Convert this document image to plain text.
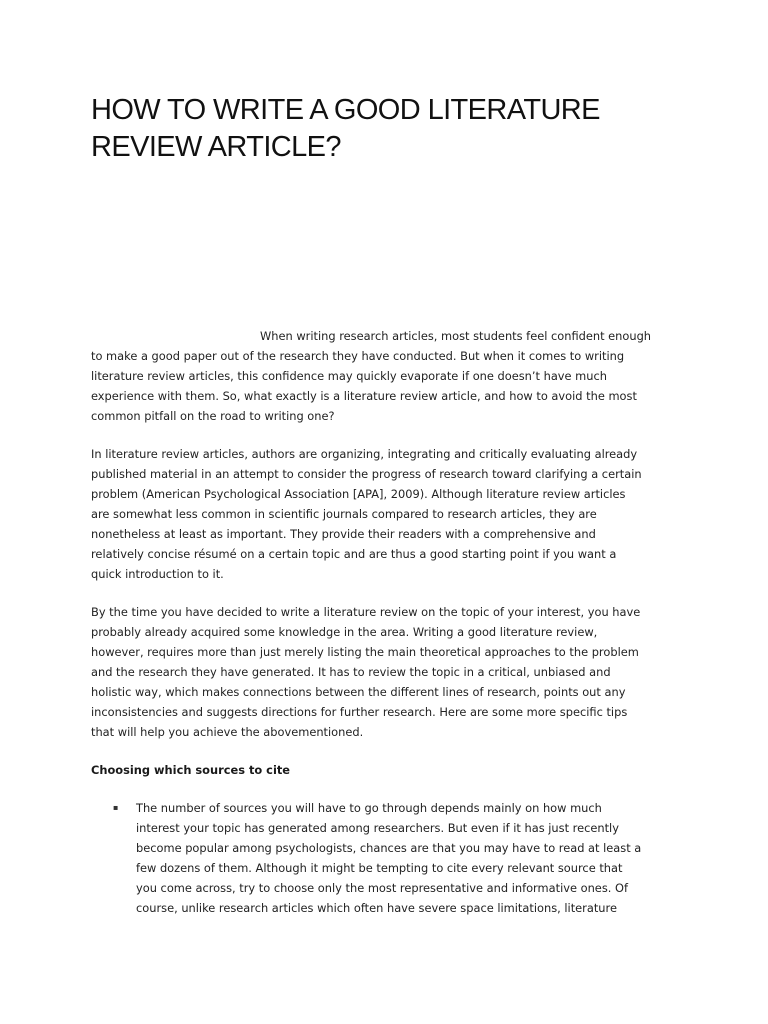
HOW TO WRITE A GOOD LITERATURE
REVIEW ARTICLE?

When writing research articles, most students feel confident enough
to make a good paper out of the research they have conducted. But when it comes to writing
literature review articles, this confidence may quickly evaporate if one doesn’t have much
experience with them. So, what exactly is a literature review article, and how to avoid the most
common pitfall on the road to writing one?

In literature review articles, authors are organizing, integrating and critically evaluating already
published material in an attempt to consider the progress of research toward clarifying a certain
problem (American Psychological Association [APA], 2009). Although literature review articles
are somewhat less common in scientific journals compared to research articles, they are
nonetheless at least as important. They provide their readers with a comprehensive and
relatively concise résumé on a certain topic and are thus a good starting point if you want a
quick introduction to it.

By the time you have decided to write a literature review on the topic of your interest, you have
probably already acquired some knowledge in the area. Writing a good literature review,
however, requires more than just merely listing the main theoretical approaches to the problem
and the research they have generated. It has to review the topic in a critical, unbiased and
holistic way, which makes connections between the different lines of research, points out any
inconsistencies and suggests directions for further research. Here are some more specific tips
that will help you achieve the abovementioned.

Choosing which sources to cite

▪ The number of sources you will have to go through depends mainly on how much
interest your topic has generated among researchers. But even if it has just recently
become popular among psychologists, chances are that you may have to read at least a
few dozens of them. Although it might be tempting to cite every relevant source that
you come across, try to choose only the most representative and informative ones. Of
course, unlike research articles which often have severe space limitations, literature
